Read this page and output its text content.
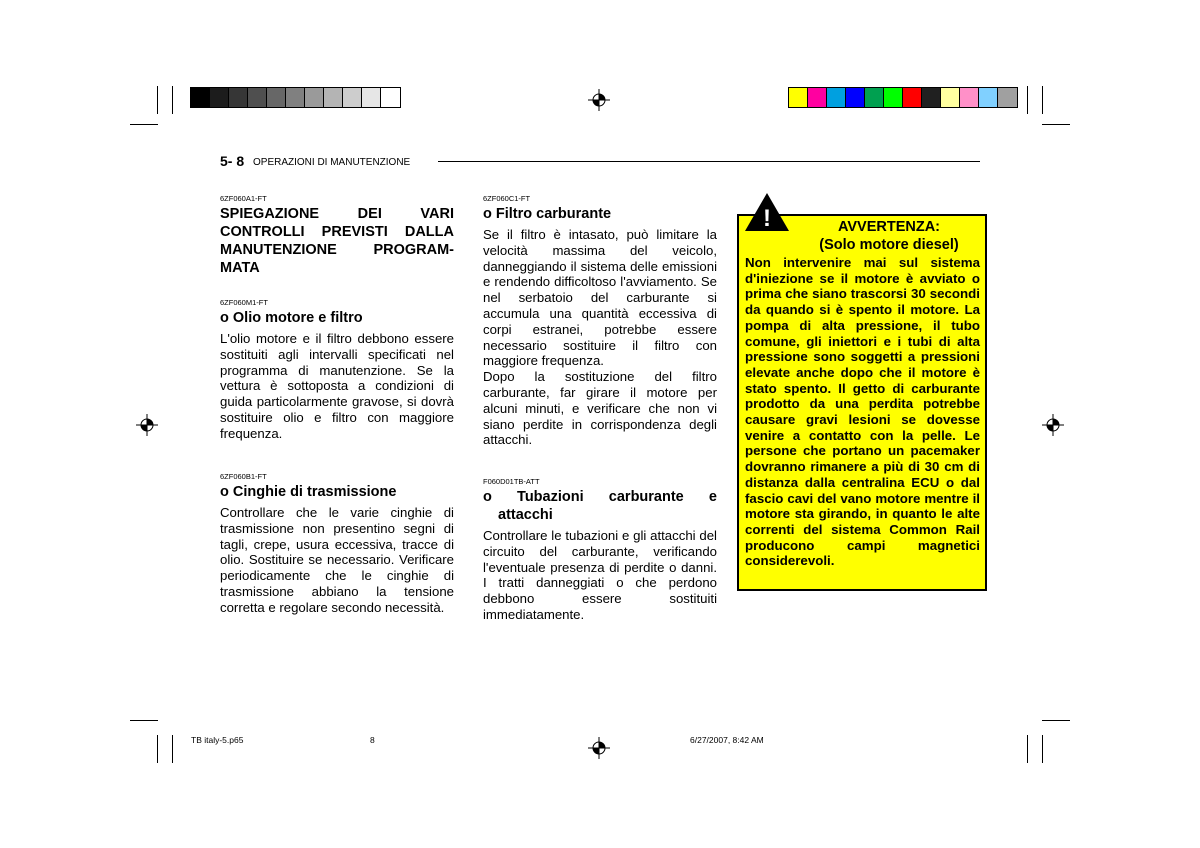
5- 8 OPERAZIONI DI MANUTENZIONE

6ZF060A1-FT

SPIEGAZIONE DEI VARI

CONTROLLI PREVISTI DALLA

MANUTENZIONE PROGRAM-

MATA

6ZF060M1-FT

o Olio motore e filtro

L'olio motore e il filtro debbono essere sostituiti agli intervalli specificati nel programma di manutenzione. Se la vettura è sottoposta a condizioni di guida particolarmente gravose, si dovrà sostituire olio e filtro con maggiore frequenza.

6ZF060B1-FT

o Cinghie di trasmissione

Controllare che le varie cinghie di trasmissione non presentino segni di tagli, crepe, usura eccessiva, tracce di olio. Sostituire se necessario. Verificare periodicamente che le cinghie di trasmissione abbiano la tensione corretta e regolare secondo necessità.

6ZF060C1-FT

o Filtro carburante

Se il filtro è intasato, può limitare la velocità massima del veicolo, danneggiando il sistema delle emissioni e rendendo difficoltoso l'avviamento. Se nel serbatoio del carburante si accumula una quantità eccessiva di corpi estranei, potrebbe essere necessario sostituire il filtro con maggiore frequenza.

Dopo la sostituzione del filtro carburante, far girare il motore per alcuni minuti, e verificare che non vi siano perdite in corrispondenza degli attacchi.

F060D01TB-ATT

o Tubazioni carburante e

attacchi

Controllare le tubazioni e gli attacchi del circuito del carburante, verificando l'eventuale presenza di perdite o danni. I tratti danneggiati o che perdono debbono essere sostituiti immediatamente.

!	AVVERTENZA:
(Solo motore diesel)
Non intervenire mai sul sistema d'iniezione se il motore è avviato o prima che siano trascorsi 30 secondi da quando si è spento il motore. La pompa di alta pressione, il tubo comune, gli iniettori e i tubi di alta pressione sono soggetti a pressioni elevate anche dopo che il motore è stato spento. Il getto di carburante prodotto da una perdita potrebbe causare gravi lesioni se dovesse venire a contatto con la pelle. Le persone che portano un pacemaker dovranno rimanere a più di 30 cm di distanza dalla centralina ECU o dal fascio cavi del vano motore mentre il motore sta girando, in quanto le alte correnti del sistema Common Rail producono campi magnetici considerevoli.
TB italy-5.p65	8	6/27/2007, 8:42 AM
